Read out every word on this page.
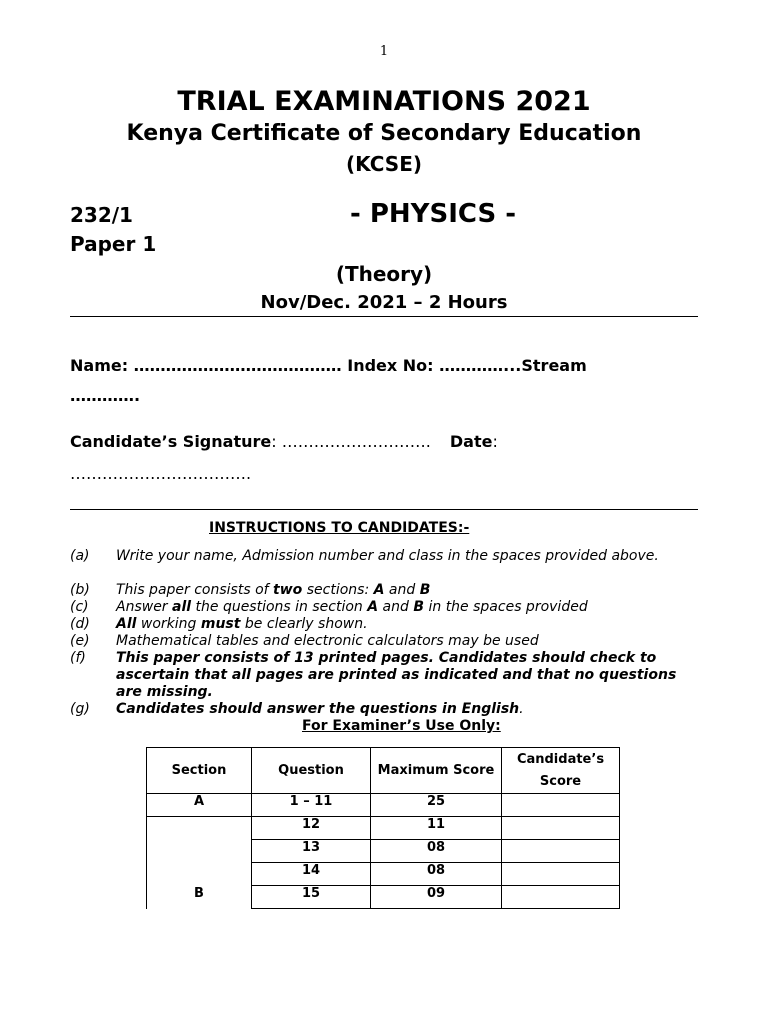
1
TRIAL EXAMINATIONS 2021
Kenya Certificate of Secondary Education
(KCSE)
232/1	- PHYSICS -
Paper 1
(Theory)
Nov/Dec. 2021 – 2 Hours
Name: ………………………………… Index No: …………...Stream
………….
Candidate’s Signature: ………………………. Date:
…………………………….
INSTRUCTIONS TO CANDIDATES:-
(a)	Write your name, Admission number and class in the spaces provided above.
(b)	This paper consists of two sections: A and B
(c)	Answer all the questions in section A and B in the spaces provided
(d)	All working must be clearly shown.
(e)	Mathematical tables and electronic calculators may be used
(f)	This paper consists of 13 printed pages. Candidates should check to ascertain that all pages are printed as indicated and that no questions are missing.
(g)	Candidates should answer the questions in English.
For Examiner’s Use Only:
Section	Question	Maximum Score	Candidate’s Score
A	1 – 11	25	
	12	11	
	13	08	
	14	08	
B	15	09	
